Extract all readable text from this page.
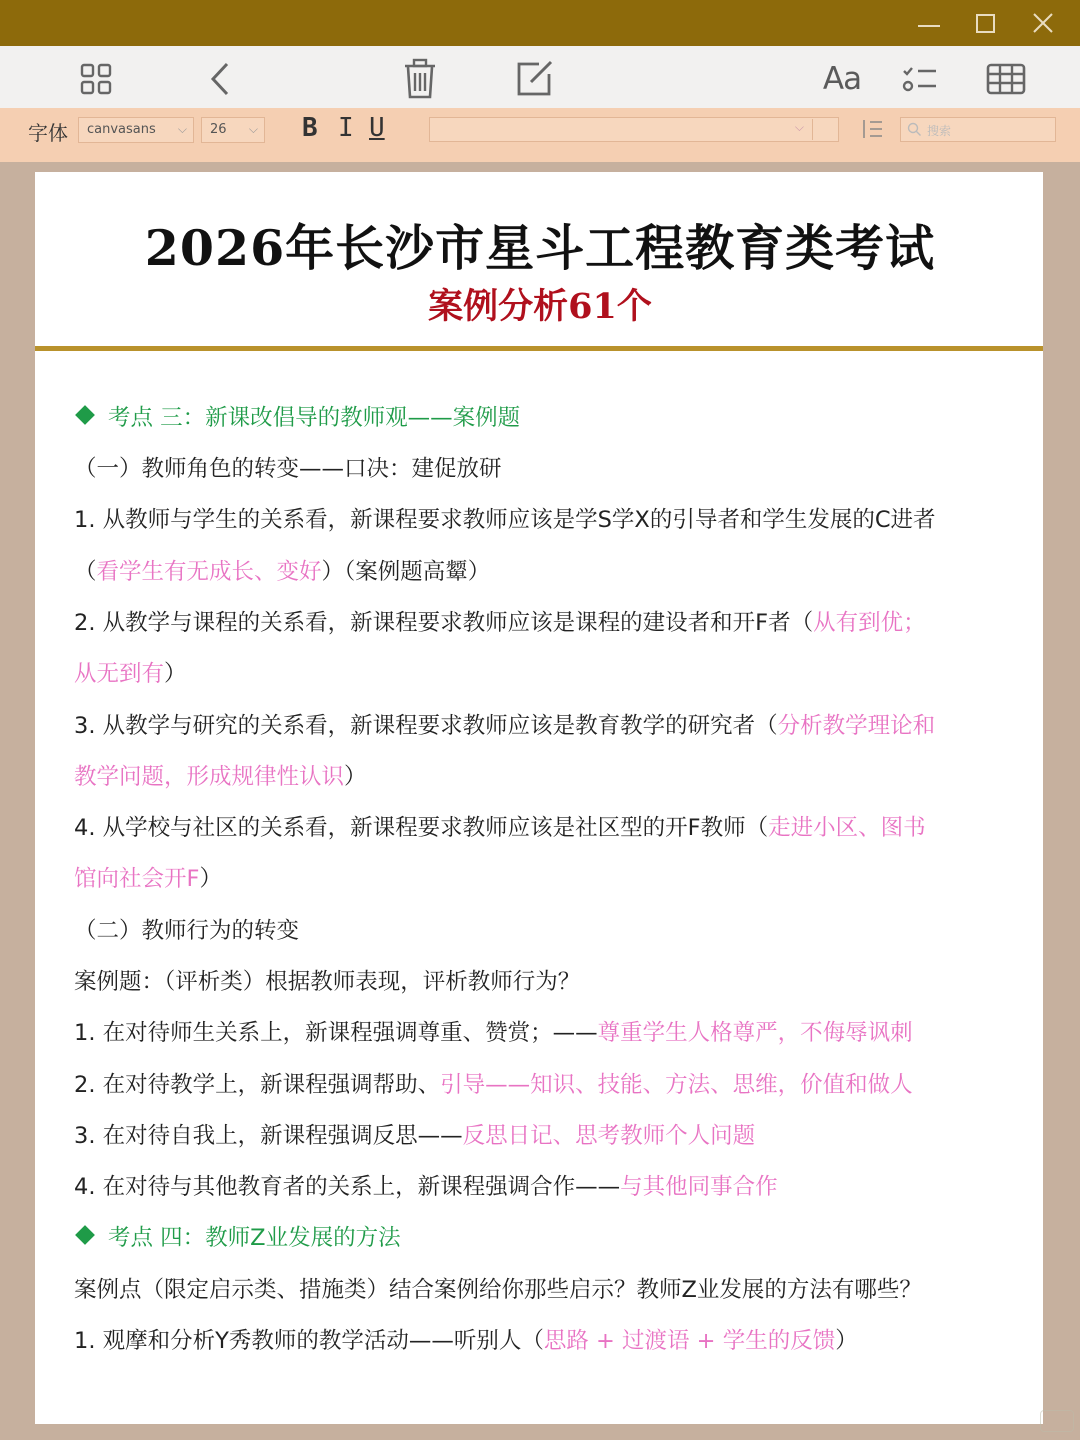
Aa
字体	canvasans ⌵	26 ⌵ B I U	⌵	搜索
2026年长沙市星斗工程教育类考试
案例分析61个
考点 三：新课改倡导的教师观——案例题
（一）教师角色的转变——口决：建促放研
1. 从教师与学生的关系看，新课程要求教师应该是学S学X的引导者和学生发展的C进者
（看学生有无成长、变好）（案例题高颦）
2. 从教学与课程的关系看，新课程要求教师应该是课程的建设者和开F者（从有到优；
从无到有）
3. 从教学与研究的关系看，新课程要求教师应该是教育教学的研究者（分析教学理论和
教学问题，形成规律性认识）
4. 从学校与社区的关系看，新课程要求教师应该是社区型的开F教师（走进小区、图书
馆向社会开F）
（二）教师行为的转变
案例题：（评析类）根据教师表现，评析教师行为？
1. 在对待师生关系上，新课程强调尊重、赞赏；——尊重学生人格尊严，不侮辱讽刺
2. 在对待教学上，新课程强调帮助、引导——知识、技能、方法、思维，价值和做人
3. 在对待自我上，新课程强调反思——反思日记、思考教师个人问题
4. 在对待与其他教育者的关系上，新课程强调合作——与其他同事合作
考点 四：教师Z业发展的方法
案例点（限定启示类、措施类）结合案例给你那些启示？教师Z业发展的方法有哪些？
1. 观摩和分析Y秀教师的教学活动——听别人（思路 + 过渡语 + 学生的反馈）
